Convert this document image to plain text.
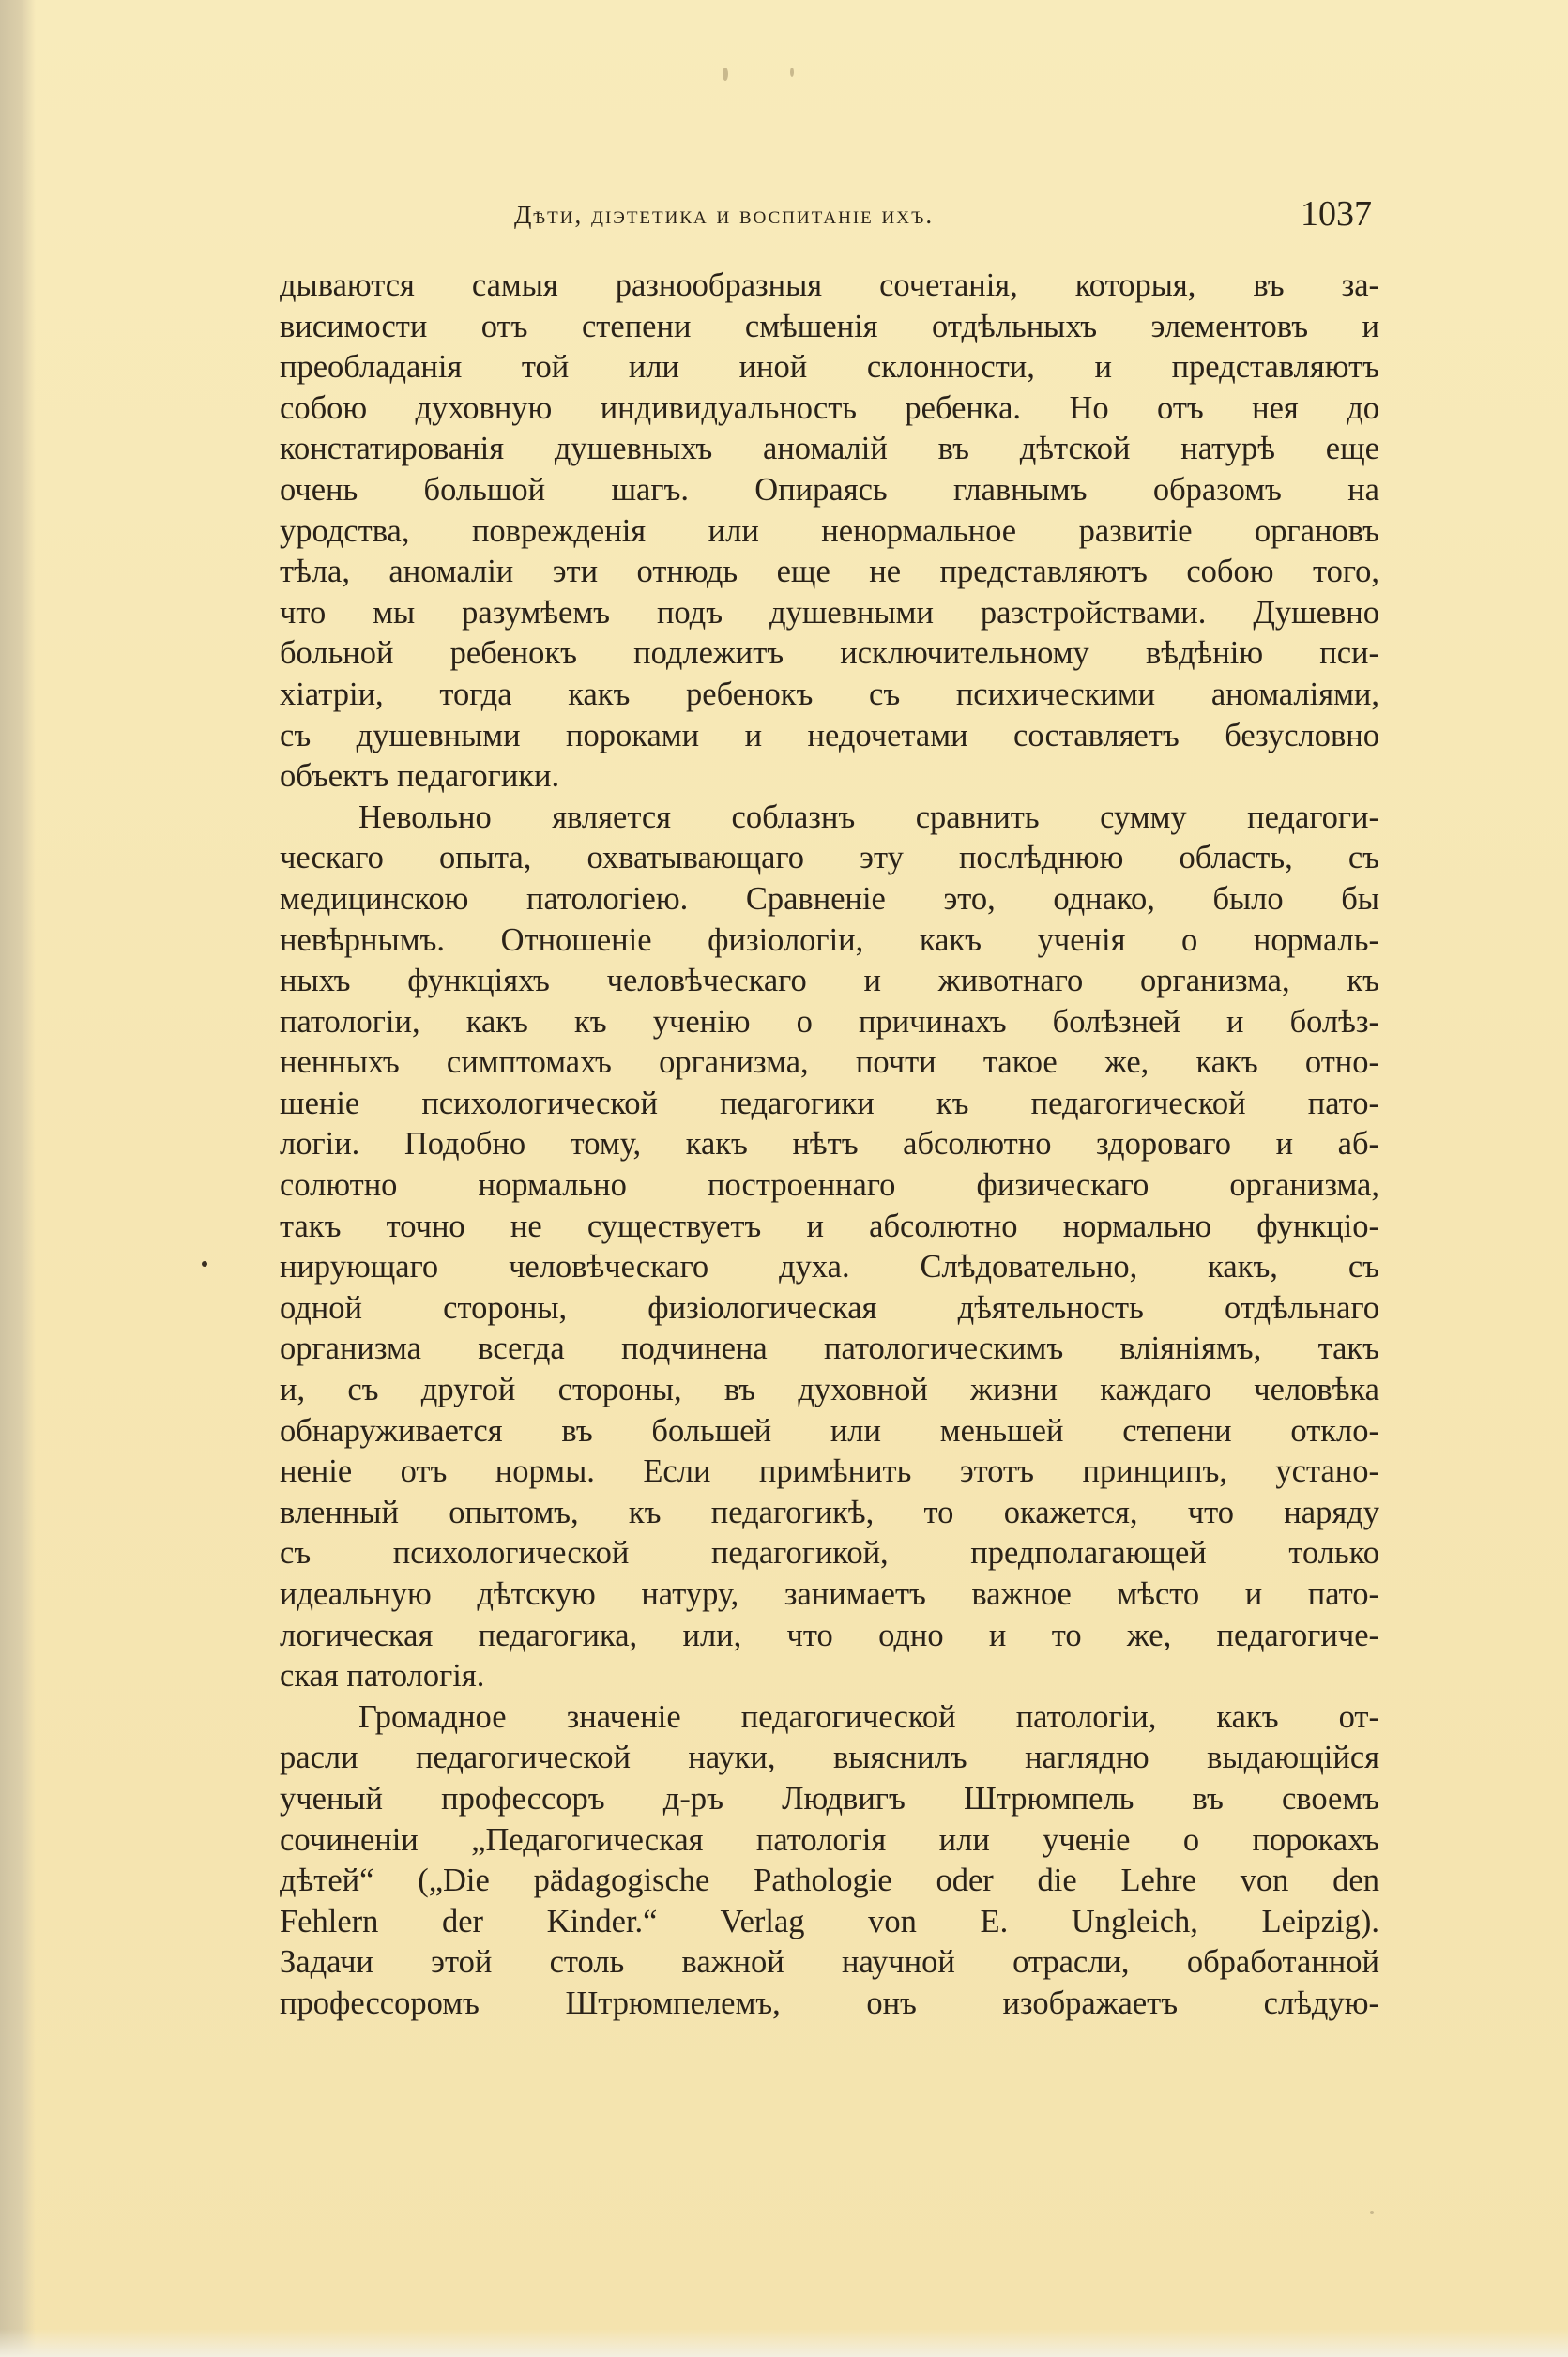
Дѣти, діэтетика и воспитаніе ихъ.	1037
дываются самыя разнообразныя сочетанія, которыя, въ за-
висимости отъ степени смѣшенія отдѣльныхъ элементовъ и
преобладанія той или иной склонности, и представляютъ
собою духовную индивидуальность ребенка. Но отъ нея до
констатированія душевныхъ аномалій въ дѣтской натурѣ еще
очень большой шагъ. Опираясь главнымъ образомъ на
уродства, поврежденія или ненормальное развитіе органовъ
тѣла, аномаліи эти отнюдь еще не представляютъ собою того,
что мы разумѣемъ подъ душевными разстройствами. Душевно
больной ребенокъ подлежитъ исключительному вѣдѣнію пси-
хіатріи, тогда какъ ребенокъ съ психическими аномаліями,
съ душевными пороками и недочетами составляетъ безусловно
объектъ педагогики.
Невольно является соблазнъ сравнить сумму педагоги-
ческаго опыта, охватывающаго эту послѣднюю область, съ
медицинскою патологіею. Сравненіе это, однако, было бы
невѣрнымъ. Отношеніе физіологіи, какъ ученія о нормаль-
ныхъ функціяхъ человѣческаго и животнаго организма, къ
патологіи, какъ къ ученію о причинахъ болѣзней и болѣз-
ненныхъ симптомахъ организма, почти такое же, какъ отно-
шеніе психологической педагогики къ педагогической пато-
логіи. Подобно тому, какъ нѣтъ абсолютно здороваго и аб-
солютно нормально построеннаго физическаго организма,
такъ точно не существуетъ и абсолютно нормально функціо-
нирующаго человѣческаго духа. Слѣдовательно, какъ, съ
одной стороны, физіологическая дѣятельность отдѣльнаго
организма всегда подчинена патологическимъ вліяніямъ, такъ
и, съ другой стороны, въ духовной жизни каждаго человѣка
обнаруживается въ большей или меньшей степени откло-
неніе отъ нормы. Если примѣнить этотъ принципъ, устано-
вленный опытомъ, къ педагогикѣ, то окажется, что наряду
съ психологической педагогикой, предполагающей только
идеальную дѣтскую натуру, занимаетъ важное мѣсто и пато-
логическая педагогика, или, что одно и то же, педагогиче-
ская патологія.
Громадное значеніе педагогической патологіи, какъ от-
расли педагогической науки, выяснилъ наглядно выдающійся
ученый профессоръ д-ръ Людвигъ Штрюмпель въ своемъ
сочиненіи „Педагогическая патологія или ученіе о порокахъ
дѣтей“ („Die pädagogische Pathologie oder die Lehre von den
Fehlern der Kinder.“ Verlag von E. Ungleich, Leipzig).
Задачи этой столь важной научной отрасли, обработанной
профессоромъ Штрюмпелемъ, онъ изображаетъ слѣдую-
